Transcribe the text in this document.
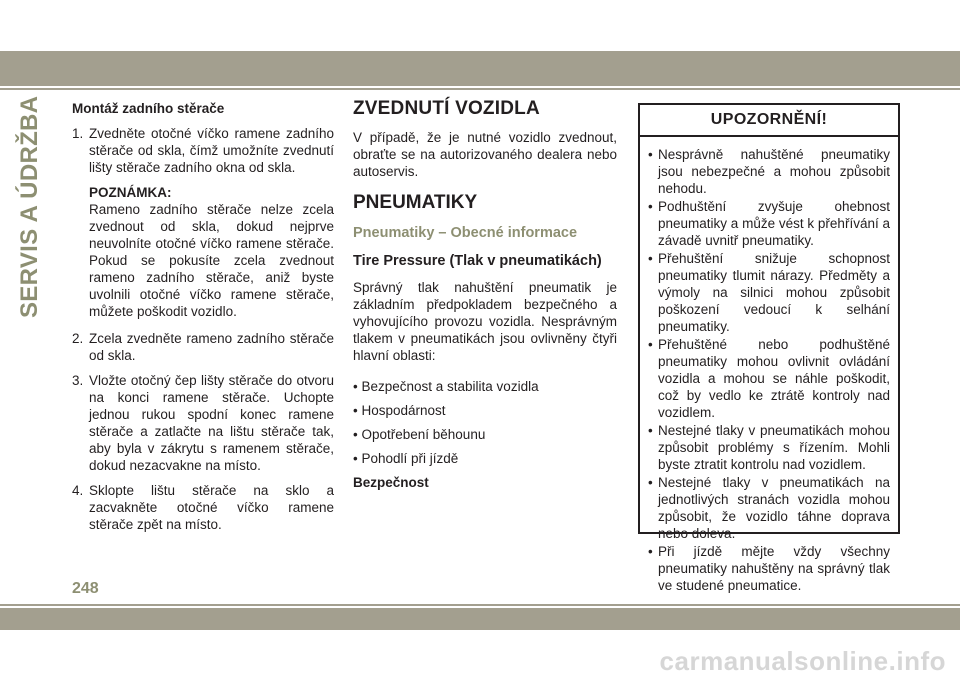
SERVIS A ÚDRŽBA Montáž zadního stěrače
1. Zvedněte otočné víčko ramene zadního stěrače od skla, čímž umožníte zvednutí lišty stěrače zadního okna od skla.
POZNÁMKA:
Rameno zadního stěrače nelze zcela zvednout od skla, dokud nejprve neuvolníte otočné víčko ramene stěrače. Pokud se pokusíte zcela zvednout rameno zadního stěrače, aniž byste uvolnili otočné víčko ramene stěrače, můžete poškodit vozidlo.
2. Zcela zvedněte rameno zadního stěrače od skla.
3. Vložte otočný čep lišty stěrače do otvoru na konci ramene stěrače. Uchopte jednou rukou spodní konec ramene stěrače a zatlačte na lištu stěrače tak, aby byla v zákrytu s ramenem stěrače, dokud nezacvakne na místo.
4. Sklopte lištu stěrače na sklo a zacvakněte otočné víčko ramene stěrače zpět na místo.
ZVEDNUTÍ VOZIDLA
V případě, že je nutné vozidlo zvednout, obraťte se na autorizovaného dealera nebo autoservis.
PNEUMATIKY
Pneumatiky – Obecné informace
Tire Pressure (Tlak v pneumatikách)
Správný tlak nahuštění pneumatik je základním předpokladem bezpečného a vyhovujícího provozu vozidla. Nesprávným tlakem v pneumatikách jsou ovlivněny čtyři hlavní oblasti:
• Bezpečnost a stabilita vozidla
• Hospodárnost
• Opotřebení běhounu
• Pohodlí při jízdě
Bezpečnost
UPOZORNĚNÍ!
• Nesprávně nahuštěné pneumatiky jsou nebezpečné a mohou způsobit nehodu.
• Podhuštění zvyšuje ohebnost pneumatiky a může vést k přehřívání a závadě uvnitř pneumatiky.
• Přehuštění snižuje schopnost pneumatiky tlumit nárazy. Předměty a výmoly na silnici mohou způsobit poškození vedoucí k selhání pneumatiky.
• Přehuštěné nebo podhuštěné pneumatiky mohou ovlivnit ovládání vozidla a mohou se náhle poškodit, což by vedlo ke ztrátě kontroly nad vozidlem.
• Nestejné tlaky v pneumatikách mohou způsobit problémy s řízením. Mohli byste ztratit kontrolu nad vozidlem.
• Nestejné tlaky v pneumatikách na jednotlivých stranách vozidla mohou způsobit, že vozidlo táhne doprava nebo doleva.
• Při jízdě mějte vždy všechny pneumatiky nahuštěny na správný tlak ve studené pneumatice.
248
carmanualsonline.info
